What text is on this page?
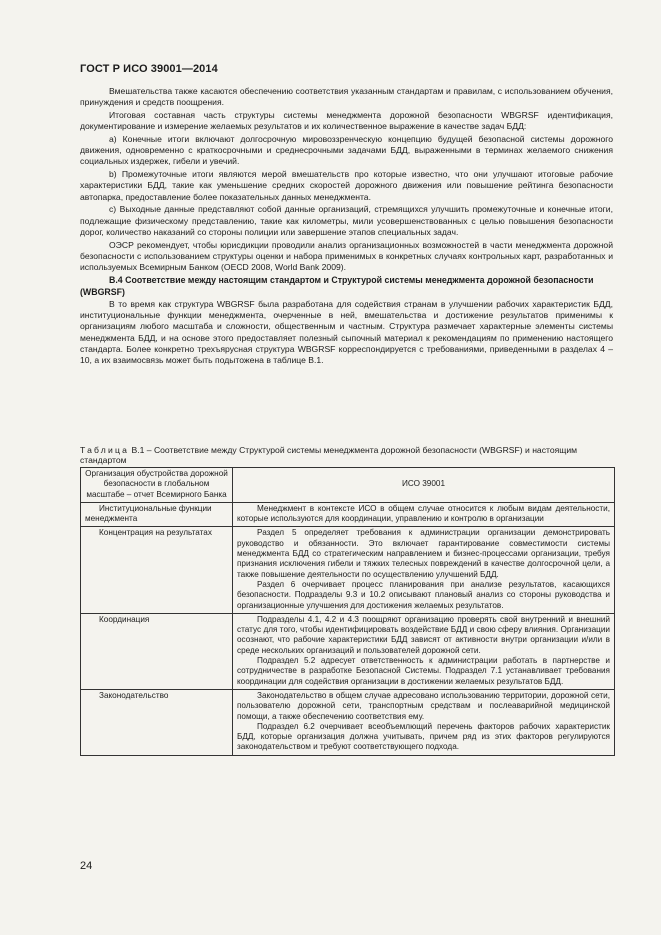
ГОСТ Р ИСО 39001—2014

Вмешательства также касаются обеспечению соответствия указанным стандартам и правилам, с использованием обучения, принуждения и средств поощрения.

Итоговая составная часть структуры системы менеджмента дорожной безопасности WBGRSF идентификация, документирование и измерение желаемых результатов и их количественное выражение в качестве задач БДД:

а) Конечные итоги включают долгосрочную мировоззренческую концепцию будущей безопасной системы дорожного движения, одновременно с краткосрочными и среднесрочными задачами БДД, выраженными в терминах желаемого снижения социальных издержек, гибели и увечий.

b) Промежуточные итоги являются мерой вмешательств про которые известно, что они улучшают итоговые рабочие характеристики БДД, такие как уменьшение средних скоростей дорожного движения или повышение рейтинга безопасности автопарка, предоставление более показательных данных менеджмента.

c) Выходные данные представляют собой данные организаций, стремящихся улучшить промежуточные и конечные итоги, подлежащие физическому представлению, такие как километры, мили усовершенствованных с целью повышения безопасности дорог, количество наказаний со стороны полиции или завершение этапов специальных задач.

ОЭСР рекомендует, чтобы юрисдикции проводили анализ организационных возможностей в части менеджмента дорожной безопасности с использованием структуры оценки и набора применимых в конкретных случаях контрольных карт, разработанных и используемых Всемирным Банком (OECD 2008, World Bank 2009).

B.4 Соответствие между настоящим стандартом и Структурой системы менеджмента дорожной безопасности (WBGRSF)

В то время как структура WBGRSF была разработана для содействия странам в улучшении рабочих характеристик БДД, институциональные функции менеджмента, очерченные в ней, вмешательства и достижение результатов применимы к организациям любого масштаба и сложности, общественным и частным. Структура размечает характерные элементы системы менеджмента БДД, и на основе этого предоставляет полезный сыпочный материал к рекомендациям по применению настоящего стандарта. Более конкретно трехъярусная структура WBGRSF корреспондируется с требованиями, приведенными в разделах 4 – 10, а их взаимосвязь может быть подытожена в таблице В.1.

Таблица В.1 – Соответствие между Структурой системы менеджмента дорожной безопасности (WBGRSF) и настоящим стандартом
Организация обустройства дорожной безопасности в глобальном масштабе – отчет Всемирного Банка	ИСО 39001
Институциональные функции менеджмента	Менеджмент в контексте ИСО в общем случае относится к любым видам деятельности, которые используются для координации, управлению и контролю в организации

Концентрация на результатах	Раздел 5 определяет требования к администрации организации демонстрировать руководство и обязанности. Это включает гарантирование совместимости системы менеджмента БДД со стратегическим направлением и бизнес-процессами организации, требуя признания исключения гибели и тяжких телесных повреждений в качестве долгосрочной цели, а также повышение деятельности по осуществлению улучшений БДД.

Раздел 6 очерчивает процесс планирования при анализе результатов, касающихся безопасности. Подразделы 9.3 и 10.2 описывают плановый анализ со стороны руководства и организационные улучшения для достижения желаемых результатов.

Координация	Подразделы 4.1, 4.2 и 4.3 поощряют организацию проверять свой внутренний и внешний статус для того, чтобы идентифицировать воздействие БДД и свою сферу влияния. Организации осознают, что рабочие характеристики БДД зависят от активности внутри организации и/или в среде нескольких организаций и пользователей дорожной сети.

Подраздел 5.2 адресует ответственность к администрации работать в партнерстве и сотрудничестве в разработке Безопасной Системы. Подраздел 7.1 устанавливает требования координации для содействия организации в достижении желаемых результатов БДД.

Законодательство	Законодательство в общем случае адресовано использованию территории, дорожной сети, пользователю дорожной сети, транспортным средствам и послеаварийной медицинской помощи, а также обеспечению соответствия ему.

Подраздел 6.2 очерчивает всеобъемлющий перечень факторов рабочих характеристик БДД, которые организация должна учитывать, причем ряд из этих факторов регулируются законодательством и требуют соответствующего подхода.

24
